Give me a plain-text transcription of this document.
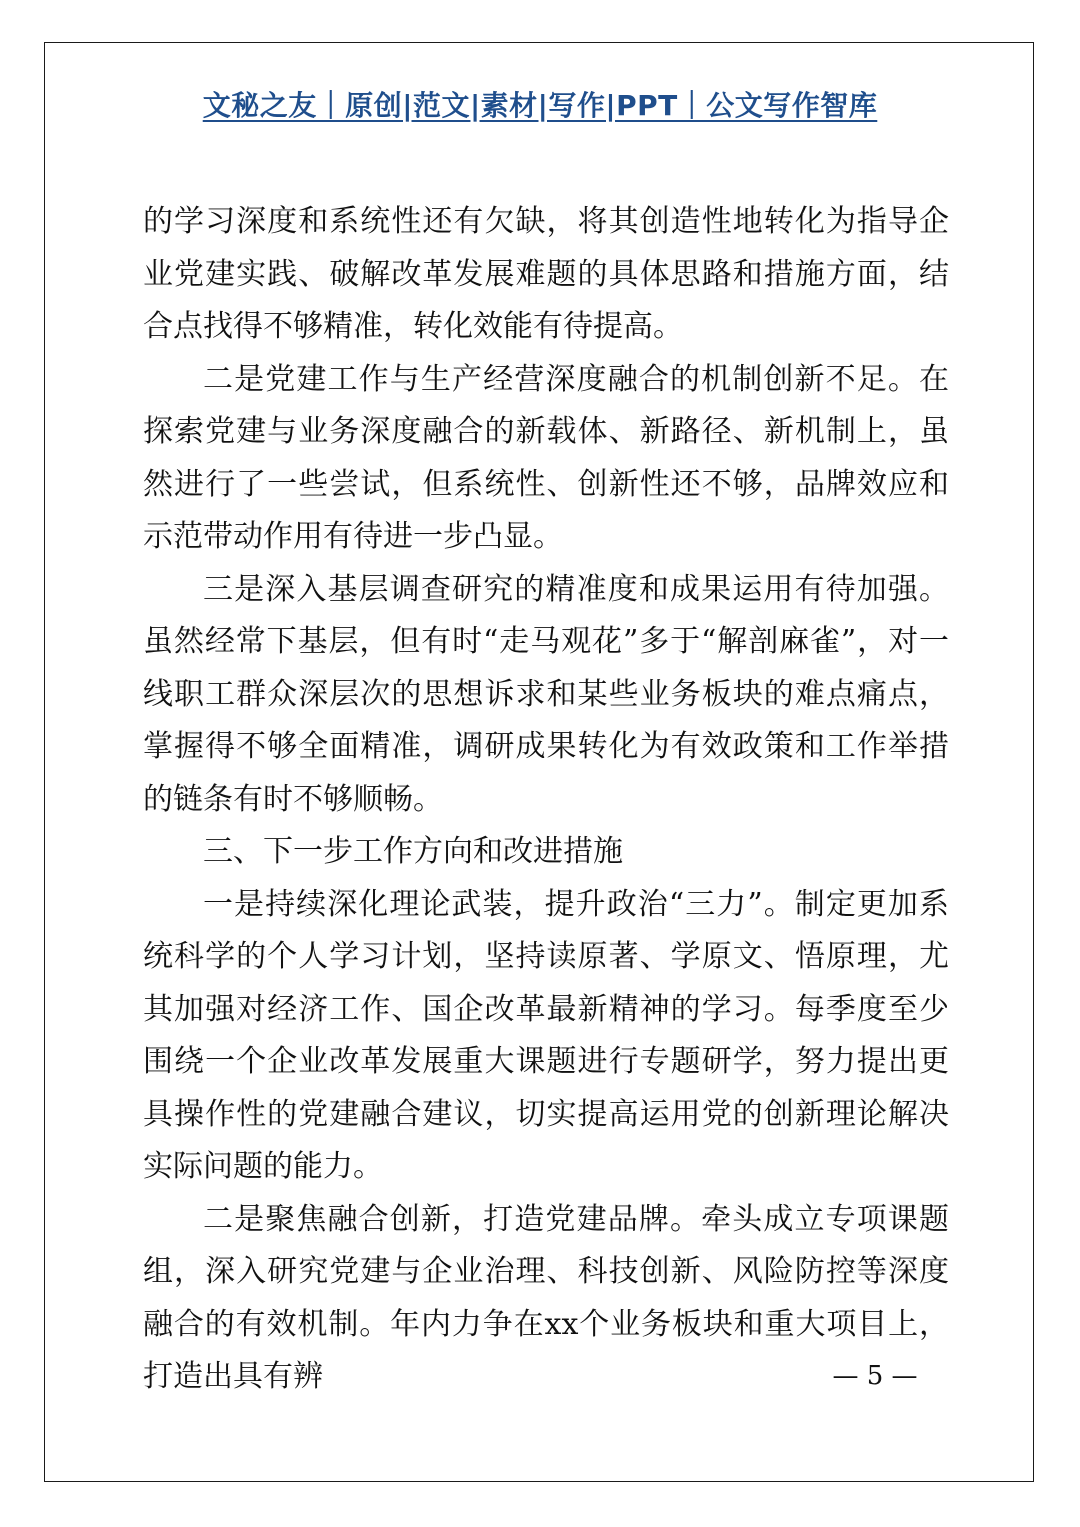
文秘之友｜原创|范文|素材|写作|PPT｜公文写作智库

的学习深度和系统性还有欠缺，将其创造性地转化为指导企业党建实践、破解改革发展难题的具体思路和措施方面，结合点找得不够精准，转化效能有待提高。

二是党建工作与生产经营深度融合的机制创新不足。在探索党建与业务深度融合的新载体、新路径、新机制上，虽然进行了一些尝试，但系统性、创新性还不够，品牌效应和示范带动作用有待进一步凸显。

三是深入基层调查研究的精准度和成果运用有待加强。虽然经常下基层，但有时“走马观花”多于“解剖麻雀”，对一线职工群众深层次的思想诉求和某些业务板块的难点痛点，掌握得不够全面精准，调研成果转化为有效政策和工作举措的链条有时不够顺畅。

三、下一步工作方向和改进措施

一是持续深化理论武装，提升政治“三力”。制定更加系统科学的个人学习计划，坚持读原著、学原文、悟原理，尤其加强对经济工作、国企改革最新精神的学习。每季度至少围绕一个企业改革发展重大课题进行专题研学，努力提出更具操作性的党建融合建议，切实提高运用党的创新理论解决实际问题的能力。

二是聚焦融合创新，打造党建品牌。牵头成立专项课题组，深入研究党建与企业治理、科技创新、风险防控等深度融合的有效机制。年内力争在xx个业务板块和重大项目上，打造出具有辨	— 5 —
